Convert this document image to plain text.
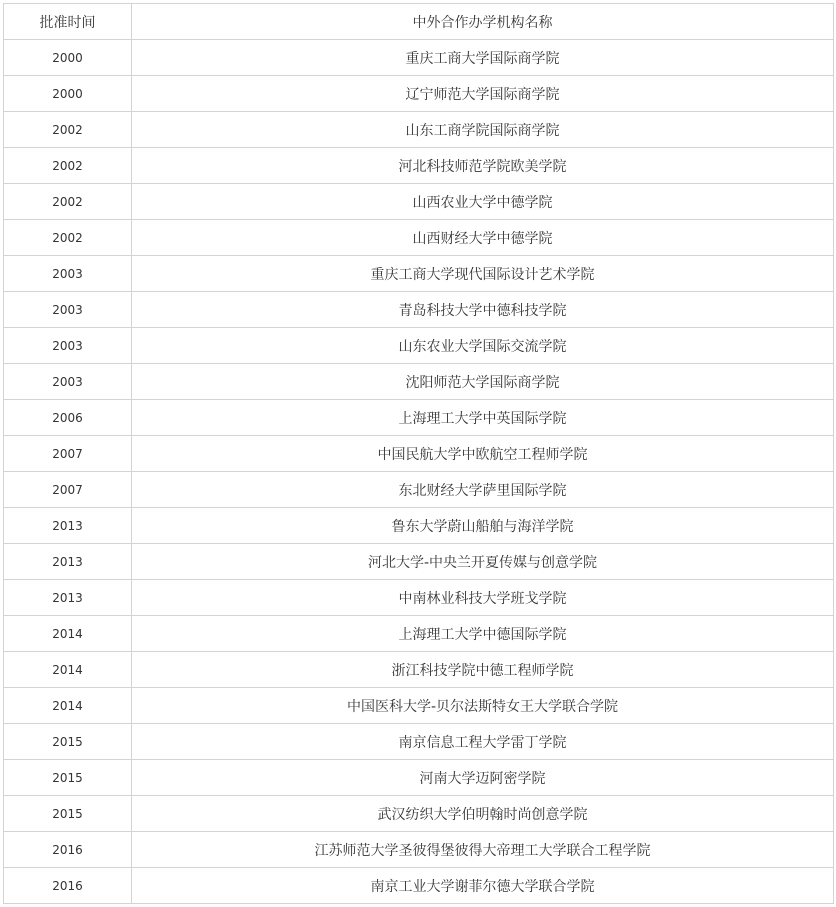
批准时间	中外合作办学机构名称
2000	重庆工商大学国际商学院
2000	辽宁师范大学国际商学院
2002	山东工商学院国际商学院
2002	河北科技师范学院欧美学院
2002	山西农业大学中德学院
2002	山西财经大学中德学院
2003	重庆工商大学现代国际设计艺术学院
2003	青岛科技大学中德科技学院
2003	山东农业大学国际交流学院
2003	沈阳师范大学国际商学院
2006	上海理工大学中英国际学院
2007	中国民航大学中欧航空工程师学院
2007	东北财经大学萨里国际学院
2013	鲁东大学蔚山船舶与海洋学院
2013	河北大学-中央兰开夏传媒与创意学院
2013	中南林业科技大学班戈学院
2014	上海理工大学中德国际学院
2014	浙江科技学院中德工程师学院
2014	中国医科大学-贝尔法斯特女王大学联合学院
2015	南京信息工程大学雷丁学院
2015	河南大学迈阿密学院
2015	武汉纺织大学伯明翰时尚创意学院
2016	江苏师范大学圣彼得堡彼得大帝理工大学联合工程学院
2016	南京工业大学谢菲尔德大学联合学院
